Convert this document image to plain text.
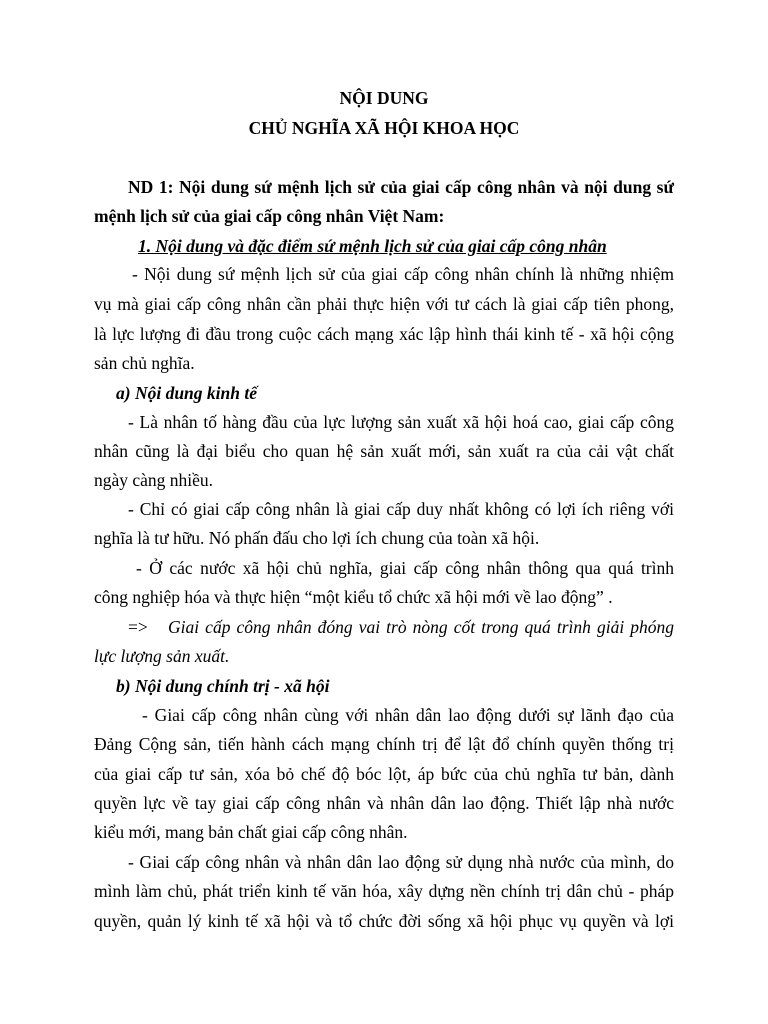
NỘI DUNG
CHỦ NGHĨA XÃ HỘI KHOA HỌC
ND 1: Nội dung sứ mệnh lịch sử của giai cấp công nhân và nội dung sứ
mệnh lịch sử của giai cấp công nhân Việt Nam:
1. Nội dung và đặc điểm sứ mệnh lịch sử của giai cấp công nhân
- Nội dung sứ mệnh lịch sử của giai cấp công nhân chính là những nhiệm
vụ mà giai cấp công nhân cần phải thực hiện với tư cách là giai cấp tiên phong,
là lực lượng đi đầu trong cuộc cách mạng xác lập hình thái kinh tế - xã hội cộng
sản chủ nghĩa.
a) Nội dung kinh tế
- Là nhân tố hàng đầu của lực lượng sản xuất xã hội hoá cao, giai cấp công
nhân cũng là đại biểu cho quan hệ sản xuất mới, sản xuất ra của cải vật chất
ngày càng nhiều.
- Chỉ có giai cấp công nhân là giai cấp duy nhất không có lợi ích riêng với
nghĩa là tư hữu. Nó phấn đấu cho lợi ích chung của toàn xã hội.
- Ở các nước xã hội chủ nghĩa, giai cấp công nhân thông qua quá trình
công nghiệp hóa và thực hiện “một kiểu tổ chức xã hội mới về lao động” .
=> Giai cấp công nhân đóng vai trò nòng cốt trong quá trình giải phóng
lực lượng sản xuất.
b) Nội dung chính trị - xã hội
- Giai cấp công nhân cùng với nhân dân lao động dưới sự lãnh đạo của
Đảng Cộng sản, tiến hành cách mạng chính trị để lật đổ chính quyền thống trị
của giai cấp tư sản, xóa bỏ chế độ bóc lột, áp bức của chủ nghĩa tư bản, dành
quyền lực về tay giai cấp công nhân và nhân dân lao động. Thiết lập nhà nước
kiểu mới, mang bản chất giai cấp công nhân.
- Giai cấp công nhân và nhân dân lao động sử dụng nhà nước của mình, do
mình làm chủ, phát triển kinh tế văn hóa, xây dựng nền chính trị dân chủ - pháp
quyền, quản lý kinh tế xã hội và tổ chức đời sống xã hội phục vụ quyền và lợi
